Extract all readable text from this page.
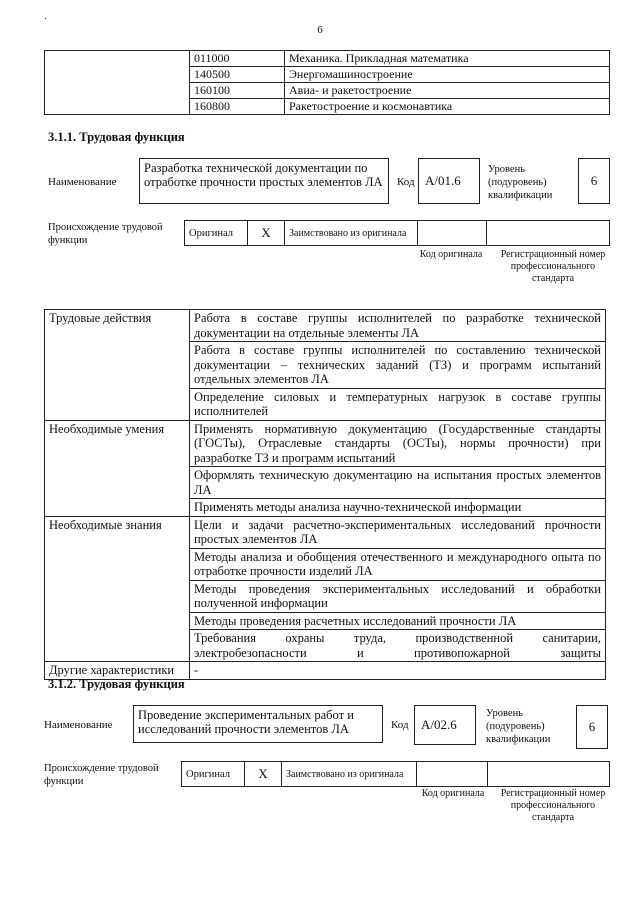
·
6
	011000	Механика. Прикладная математика
	140500	Энергомашиностроение
	160100	Авиа- и ракетостроение
	160800	Ракетостроение и космонавтика
3.1.1. Трудовая функция
Наименование
Разработка технической документации по отработке прочности простых элементов ЛА	Код A/01.6
Уровень (подуровень) квалификации
6
Происхождение трудовой функции
Оригинал	X	Заимствовано из оригинала		
Код оригинала	Регистрационный номер профессионального стандарта
Трудовые действия	Работа в составе группы исполнителей по разработке технической документации на отдельные элементы ЛА
	Работа в составе группы исполнителей по составлению технической документации – технических заданий (ТЗ) и программ испытаний отдельных элементов ЛА
	Определение силовых и температурных нагрузок в составе группы исполнителей
Необходимые умения	Применять нормативную документацию (Государственные стандарты (ГОСТы), Отраслевые стандарты (ОСТы), нормы прочности) при разработке ТЗ и программ испытаний
	Оформлять техническую документацию на испытания простых элементов ЛА
	Применять методы анализа научно-технической информации
Необходимые знания	Цели и задачи расчетно-экспериментальных исследований прочности простых элементов ЛА
	Методы анализа и обобщения отечественного и международного опыта по отработке прочности изделий ЛА
	Методы проведения экспериментальных исследований и обработки полученной информации
	Методы проведения расчетных исследований прочности ЛА
	Требования охраны труда, производственной санитарии, электробезопасности и противопожарной защиты
Другие характеристики	-
3.1.2. Трудовая функция
Наименование
Проведение экспериментальных работ и исследований прочности элементов ЛА	Код A/02.6
Уровень (подуровень) квалификации
6
Происхождение трудовой функции
Оригинал	X	Заимствовано из оригинала		
Код оригинала	Регистрационный номер профессионального стандарта
